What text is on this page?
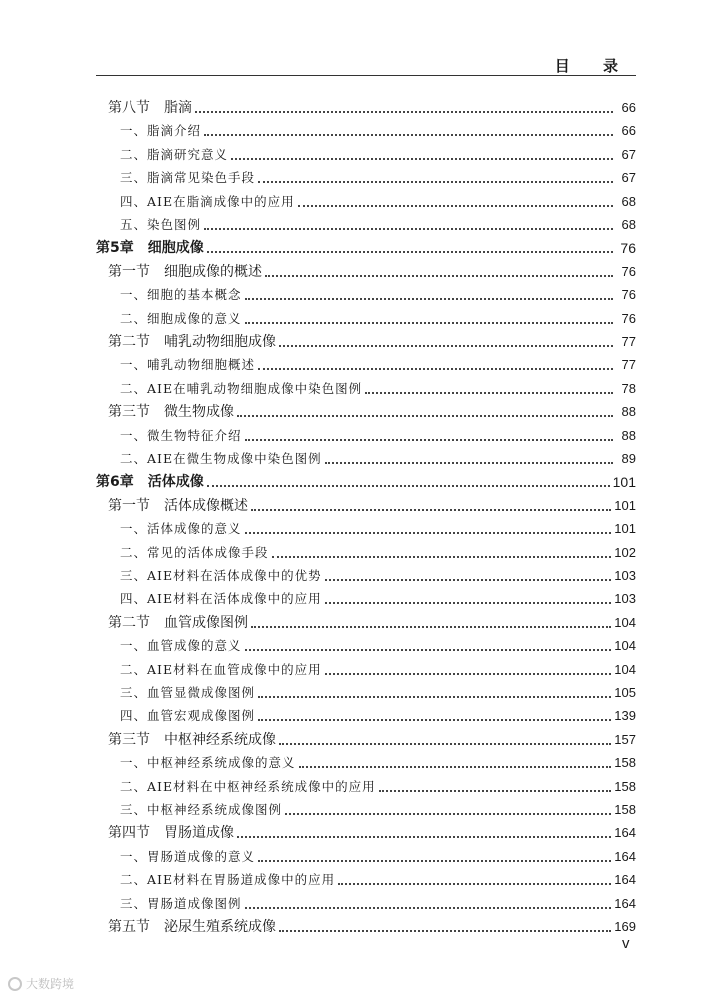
目 录
第八节　脂滴	66
一、脂滴介绍	66
二、脂滴研究意义	67
三、脂滴常见染色手段	67
四、AIE在脂滴成像中的应用	68
五、染色图例	68
第5章　细胞成像	76
第一节　细胞成像的概述	76
一、细胞的基本概念	76
二、细胞成像的意义	76
第二节　哺乳动物细胞成像	77
一、哺乳动物细胞概述	77
二、AIE在哺乳动物细胞成像中染色图例	78
第三节　微生物成像	88
一、微生物特征介绍	88
二、AIE在微生物成像中染色图例	89
第6章　活体成像	101
第一节　活体成像概述	101
一、活体成像的意义	101
二、常见的活体成像手段	102
三、AIE材料在活体成像中的优势	103
四、AIE材料在活体成像中的应用	103
第二节　血管成像图例	104
一、血管成像的意义	104
二、AIE材料在血管成像中的应用	104
三、血管显微成像图例	105
四、血管宏观成像图例	139
第三节　中枢神经系统成像	157
一、中枢神经系统成像的意义	158
二、AIE材料在中枢神经系统成像中的应用	158
三、中枢神经系统成像图例	158
第四节　胃肠道成像	164
一、胃肠道成像的意义	164
二、AIE材料在胃肠道成像中的应用	164
三、胃肠道成像图例	164
第五节　泌尿生殖系统成像	169
v
大数跨境
